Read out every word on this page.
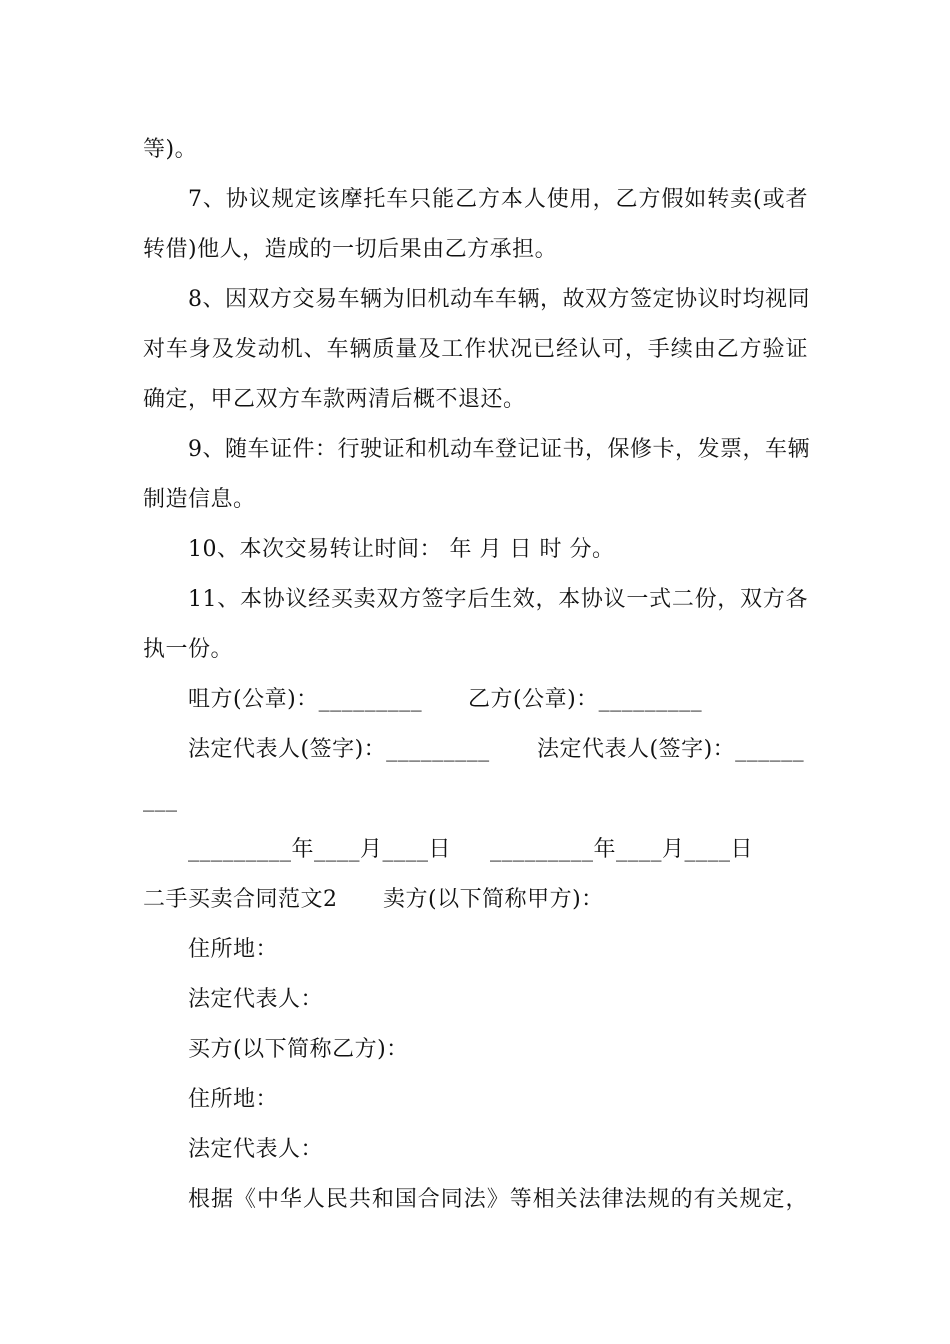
等)。
7、协议规定该摩托车只能乙方本人使用，乙方假如转卖(或者
转借)他人，造成的一切后果由乙方承担。
8、因双方交易车辆为旧机动车车辆，故双方签定协议时均视同
对车身及发动机、车辆质量及工作状况已经认可，手续由乙方验证
确定，甲乙双方车款两清后概不退还。
9、随车证件：行驶证和机动车登记证书，保修卡，发票，车辆
制造信息。
10、本次交易转让时间： 年 月 日 时 分。
11、本协议经买卖双方签字后生效，本协议一式二份，双方各
执一份。
咀方(公章)：_________ 乙方(公章)：_________
法定代表人(签字)：_________ 法定代表人(签字)：______
___
_________年____月____日 _________年____月____日
二手买卖合同范文2 卖方(以下简称甲方)：
住所地：
法定代表人：
买方(以下简称乙方)：
住所地：
法定代表人：
根据《中华人民共和国合同法》等相关法律法规的有关规定，
